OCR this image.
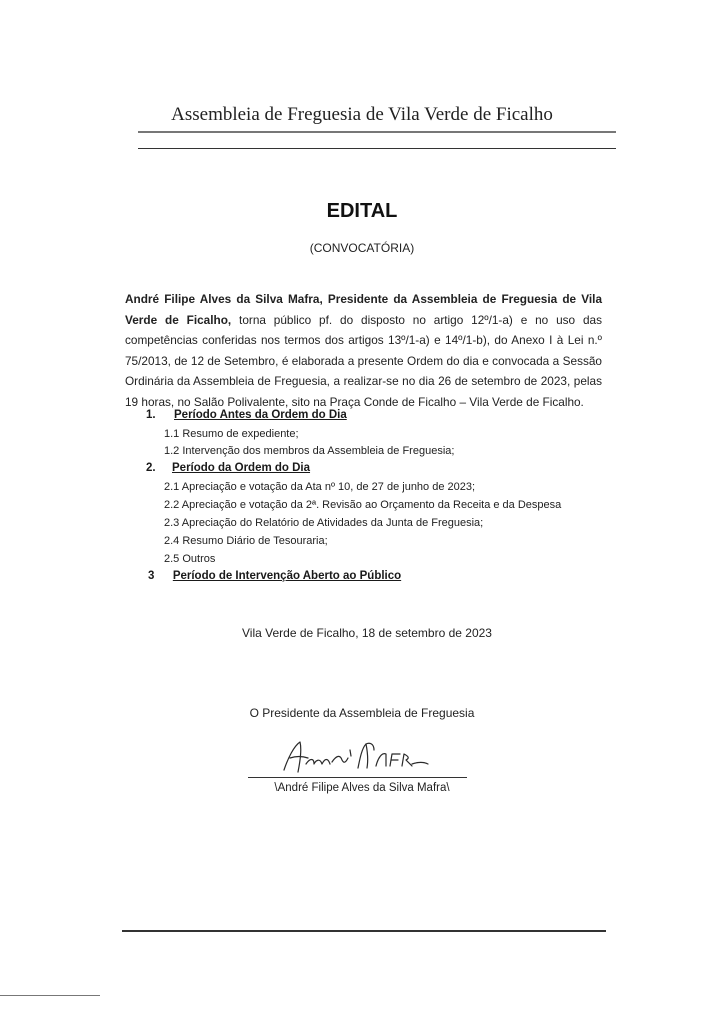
Assembleia de Freguesia de Vila Verde de Ficalho
EDITAL
(CONVOCATÓRIA)
André Filipe Alves da Silva Mafra, Presidente da Assembleia de Freguesia de Vila Verde de Ficalho, torna público pf. do disposto no artigo 12º/1-a) e no uso das competências conferidas nos termos dos artigos 13º/1-a) e 14º/1-b), do Anexo I à Lei n.º 75/2013, de 12 de Setembro, é elaborada a presente Ordem do dia e convocada a Sessão Ordinária da Assembleia de Freguesia, a realizar-se no dia 26 de setembro de 2023, pelas 19 horas, no Salão Polivalente, sito na Praça Conde de Ficalho – Vila Verde de Ficalho.
1. Período Antes da Ordem do Dia
1.1 Resumo de expediente;
1.2 Intervenção dos membros da Assembleia de Freguesia;
2. Período da Ordem do Dia
2.1 Apreciação e votação da Ata nº 10, de 27 de junho de 2023;
2.2 Apreciação e votação da 2ª. Revisão ao Orçamento da Receita e da Despesa
2.3 Apreciação do Relatório de Atividades da Junta de Freguesia;
2.4 Resumo Diário de Tesouraria;
2.5 Outros
3 Período de Intervenção Aberto ao Público
Vila Verde de Ficalho, 18 de setembro de 2023
O Presidente da Assembleia de Freguesia
\André Filipe Alves da Silva Mafra\
